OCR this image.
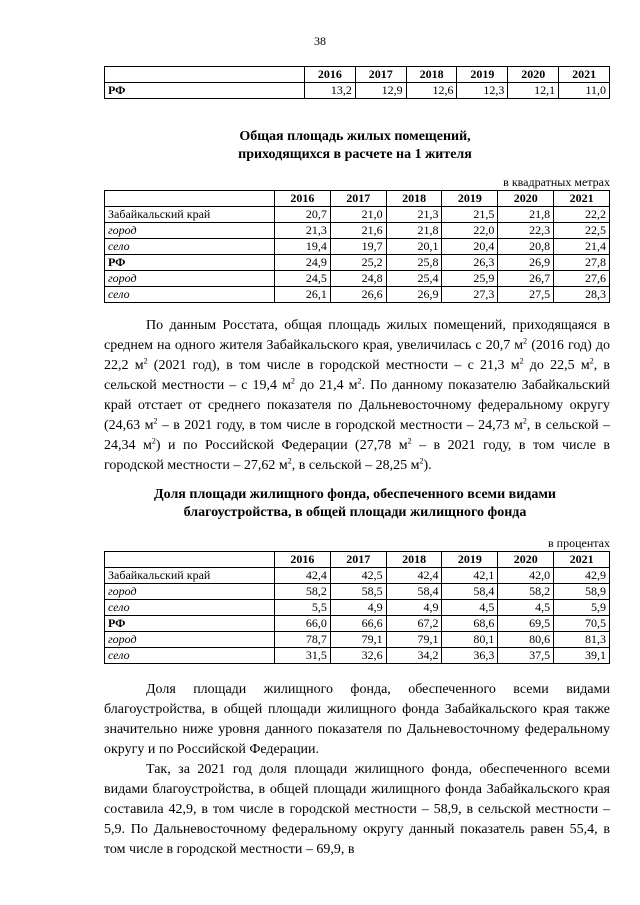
38
	2016	2017	2018	2019	2020	2021
РФ	13,2	12,9	12,6	12,3	12,1	11,0
Общая площадь жилых помещений,
приходящихся в расчете на 1 жителя
в квадратных метрах
	2016	2017	2018	2019	2020	2021
Забайкальский край	20,7	21,0	21,3	21,5	21,8	22,2
город	21,3	21,6	21,8	22,0	22,3	22,5
село	19,4	19,7	20,1	20,4	20,8	21,4
РФ	24,9	25,2	25,8	26,3	26,9	27,8
город	24,5	24,8	25,4	25,9	26,7	27,6
село	26,1	26,6	26,9	27,3	27,5	28,3

По данным Росстата, общая площадь жилых помещений, приходящаяся в среднем на одного жителя Забайкальского края, увеличилась с 20,7 $м^2$ (2016 год) до 22,2 $м^2$ (2021 год), в том числе в городской местности – с 21,3 $м^2$ до 22,5 $м^2$, в сельской местности – с 19,4 $м^2$ до 21,4 $м^2$. По данному показателю Забайкальский край отстает от среднего показателя по Дальневосточному федеральному округу (24,63 $м^2$ – в 2021 году, в том числе в городской местности – 24,73 $м^2$, в сельской – 24,34 $м^2$) и по Российской Федерации (27,78 $м^2$ – в 2021 году, в том числе в городской местности – 27,62 $м^2$, в сельской – 28,25 $м^2$).

Доля площади жилищного фонда, обеспеченного всеми видами
благоустройства, в общей площади жилищного фонда
в процентах
	2016	2017	2018	2019	2020	2021
Забайкальский край	42,4	42,5	42,4	42,1	42,0	42,9
город	58,2	58,5	58,4	58,4	58,2	58,9
село	5,5	4,9	4,9	4,5	4,5	5,9
РФ	66,0	66,6	67,2	68,6	69,5	70,5
город	78,7	79,1	79,1	80,1	80,6	81,3
село	31,5	32,6	34,2	36,3	37,5	39,1

Доля площади жилищного фонда, обеспеченного всеми видами благоустройства, в общей площади жилищного фонда Забайкальского края также значительно ниже уровня данного показателя по Дальневосточному федеральному округу и по Российской Федерации.

Так, за 2021 год доля площади жилищного фонда, обеспеченного всеми видами благоустройства, в общей площади жилищного фонда Забайкальского края составила 42,9, в том числе в городской местности – 58,9, в сельской местности – 5,9. По Дальневосточному федеральному округу данный показатель равен 55,4, в том числе в городской местности – 69,9, в
